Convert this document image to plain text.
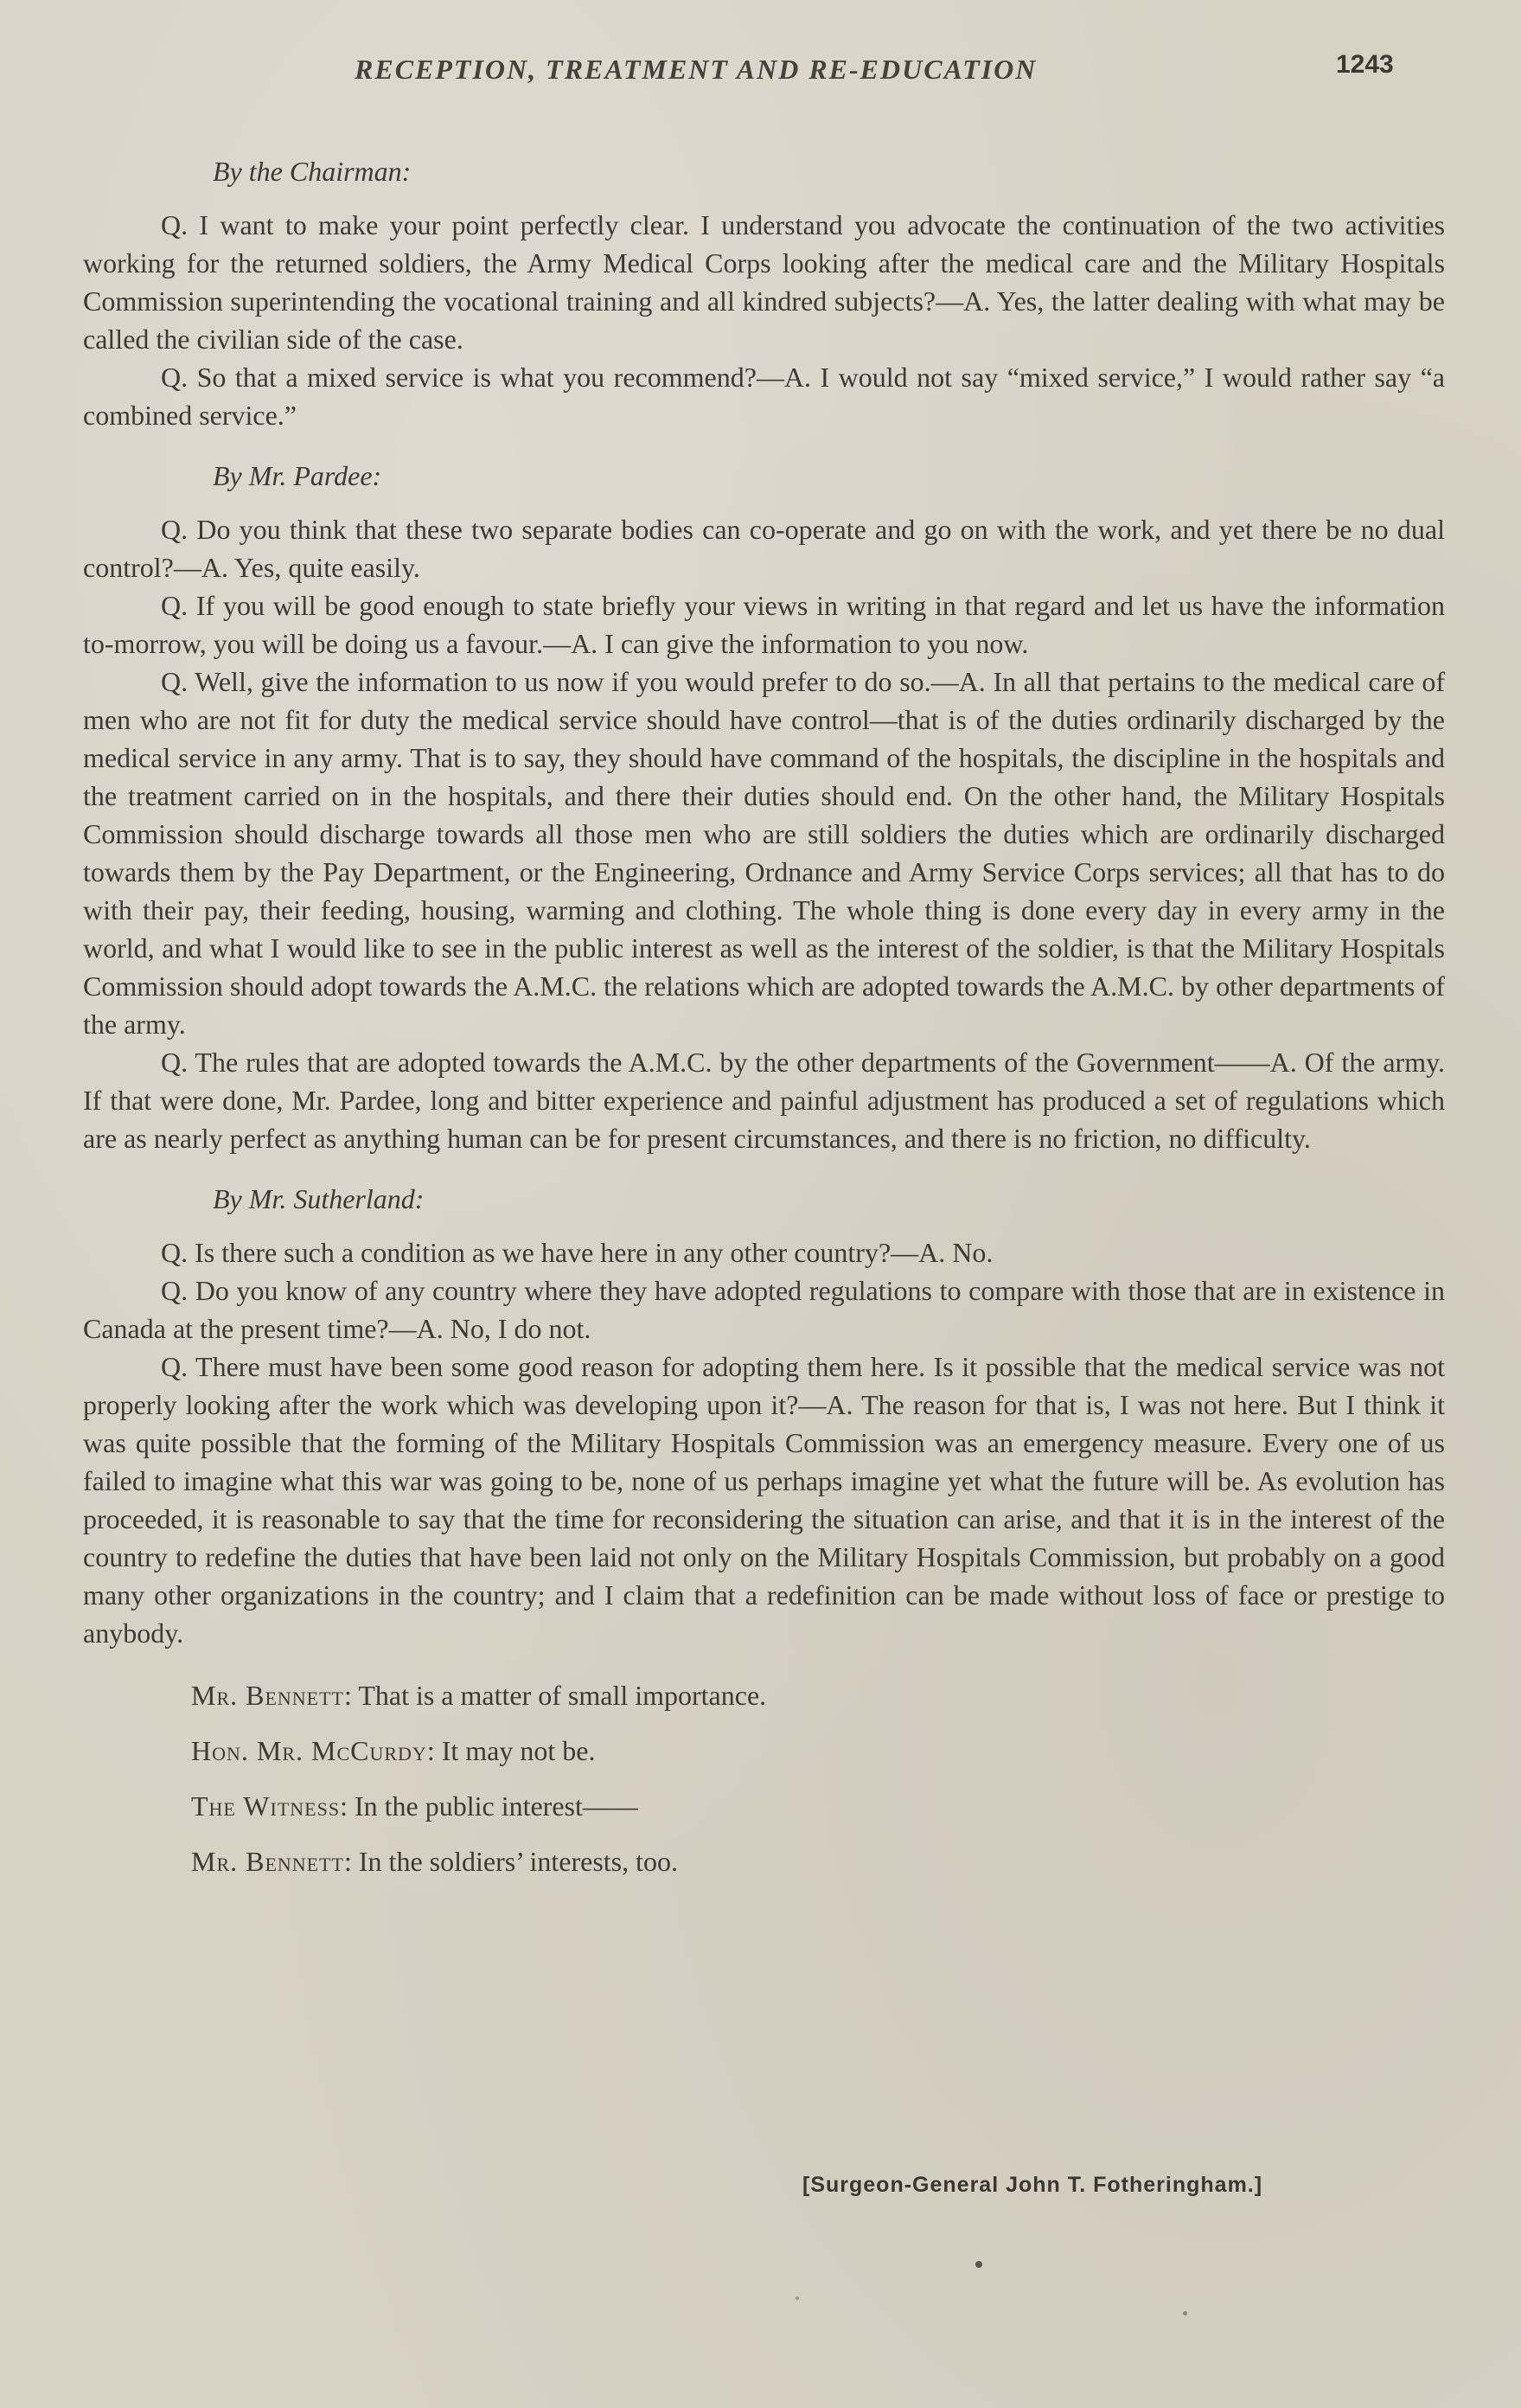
RECEPTION, TREATMENT AND RE-EDUCATION	1243

By the Chairman:

Q. I want to make your point perfectly clear. I understand you advocate the continuation of the two activities working for the returned soldiers, the Army Medical Corps looking after the medical care and the Military Hospitals Commission superintending the vocational training and all kindred subjects?—A. Yes, the latter dealing with what may be called the civilian side of the case.

Q. So that a mixed service is what you recommend?—A. I would not say “mixed service,” I would rather say “a combined service.”

By Mr. Pardee:

Q. Do you think that these two separate bodies can co-operate and go on with the work, and yet there be no dual control?—A. Yes, quite easily.

Q. If you will be good enough to state briefly your views in writing in that regard and let us have the information to-morrow, you will be doing us a favour.—A. I can give the information to you now.

Q. Well, give the information to us now if you would prefer to do so.—A. In all that pertains to the medical care of men who are not fit for duty the medical service should have control—that is of the duties ordinarily discharged by the medical service in any army. That is to say, they should have command of the hospitals, the discipline in the hospitals and the treatment carried on in the hospitals, and there their duties should end. On the other hand, the Military Hospitals Commission should discharge towards all those men who are still soldiers the duties which are ordinarily discharged towards them by the Pay Department, or the Engineering, Ordnance and Army Service Corps services; all that has to do with their pay, their feeding, housing, warming and clothing. The whole thing is done every day in every army in the world, and what I would like to see in the public interest as well as the interest of the soldier, is that the Military Hospitals Commission should adopt towards the A.M.C. the relations which are adopted towards the A.M.C. by other departments of the army.

Q. The rules that are adopted towards the A.M.C. by the other departments of the Government——A. Of the army. If that were done, Mr. Pardee, long and bitter experience and painful adjustment has produced a set of regulations which are as nearly perfect as anything human can be for present circumstances, and there is no friction, no difficulty.

By Mr. Sutherland:

Q. Is there such a condition as we have here in any other country?—A. No.

Q. Do you know of any country where they have adopted regulations to compare with those that are in existence in Canada at the present time?—A. No, I do not.

Q. There must have been some good reason for adopting them here. Is it possible that the medical service was not properly looking after the work which was developing upon it?—A. The reason for that is, I was not here. But I think it was quite possible that the forming of the Military Hospitals Commission was an emergency measure. Every one of us failed to imagine what this war was going to be, none of us perhaps imagine yet what the future will be. As evolution has proceeded, it is reasonable to say that the time for reconsidering the situation can arise, and that it is in the interest of the country to redefine the duties that have been laid not only on the Military Hospitals Commission, but probably on a good many other organizations in the country; and I claim that a redefinition can be made without loss of face or prestige to anybody.

Mr. Bennett: That is a matter of small importance.

Hon. Mr. McCurdy: It may not be.

The Witness: In the public interest——

Mr. Bennett: In the soldiers’ interests, too.

[Surgeon-General John T. Fotheringham.]
